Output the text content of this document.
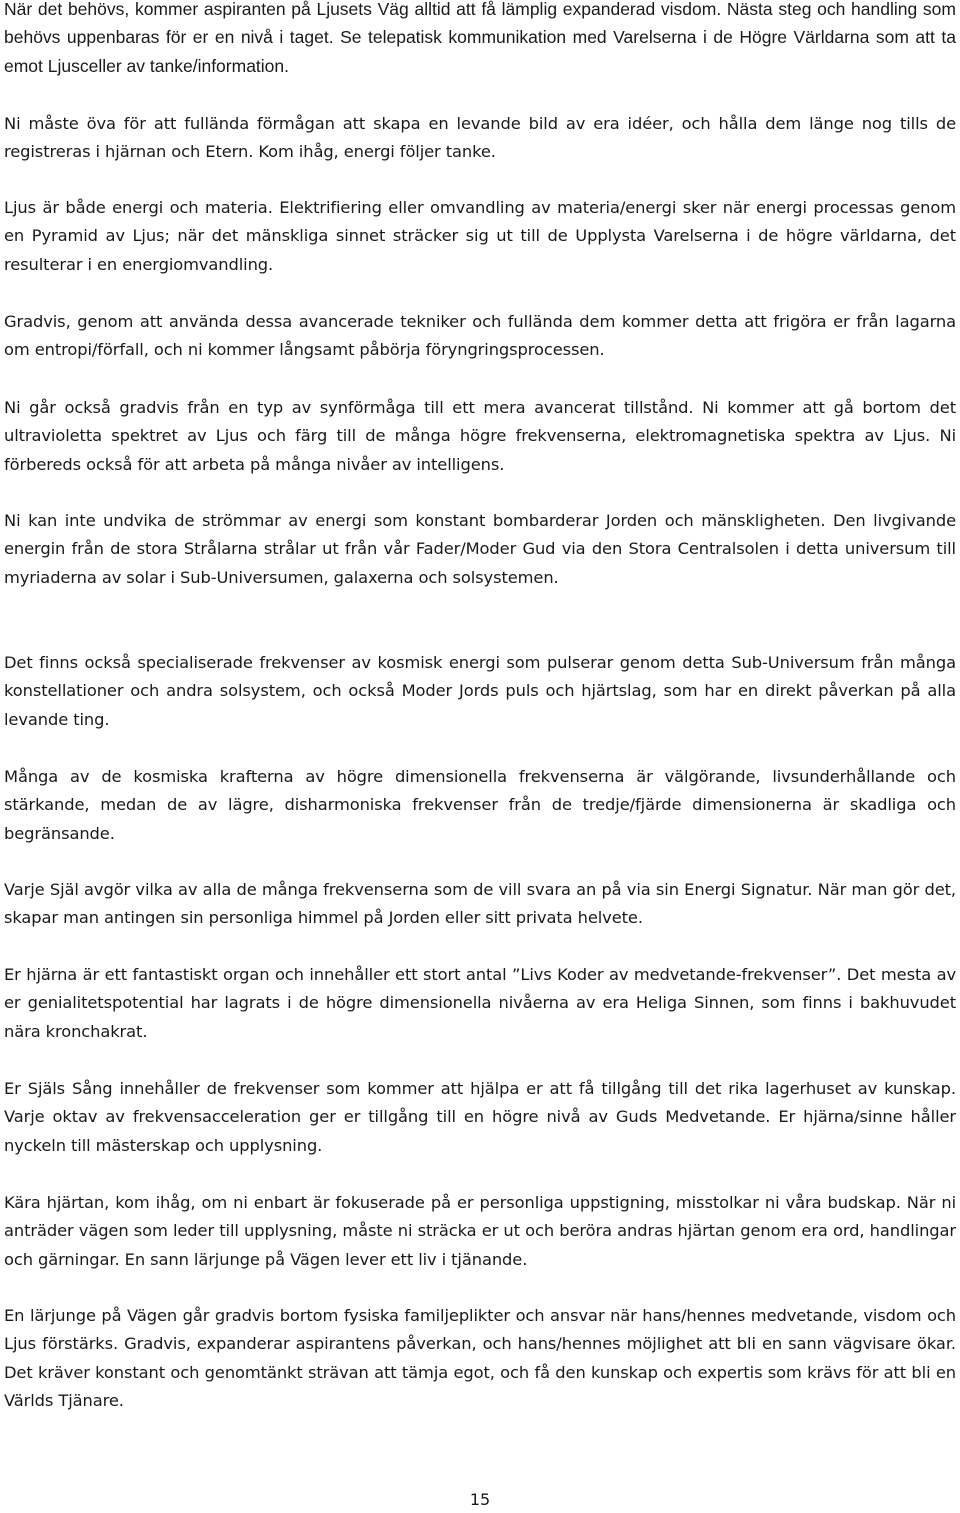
När det behövs, kommer aspiranten på Ljusets Väg alltid att få lämplig expanderad visdom. Nästa steg och handling som behövs uppenbaras för er en nivå i taget. Se telepatisk kommunikation med Varelserna i de Högre Världarna som att ta emot Ljusceller av tanke/information.

Ni måste öva för att fulländа förmågan att skapa en levande bild av era idéer, och hålla dem länge nog tills de registreras i hjärnan och Etern. Kom ihåg, energi följer tanke.

Ljus är både energi och materia. Elektrifiering eller omvandling av materia/energi sker när energi processas genom en Pyramid av Ljus; när det mänskliga sinnet sträcker sig ut till de Upplysta Varelserna i de högre världarna, det resulterar i en energiomvandling.

Gradvis, genom att använda dessa avancerade tekniker och fulländа dem kommer detta att frigöra er från lagarna om entropi/förfall, och ni kommer långsamt påbörja föryngringsprocessen.

Ni går också gradvis från en typ av synförmåga till ett mera avancerat tillstånd. Ni kommer att gå bortom det ultravioletta spektret av Ljus och färg till de många högre frekvenserna, elektromagnetiska spektra av Ljus. Ni förbereds också för att arbeta på många nivåer av intelligens.

Ni kan inte undvika de strömmar av energi som konstant bombarderar Jorden och mänskligheten. Den livgivande energin från de stora Strålarna strålar ut från vår Fader/Moder Gud via den Stora Centralsolen i detta universum till myriaderna av solar i Sub-Universumen, galaxerna och solsystemen.

Det finns också specialiserade frekvenser av kosmisk energi som pulserar genom detta Sub-Universum från många konstellationer och andra solsystem, och också Moder Jords puls och hjärtslag, som har en direkt påverkan på alla levande ting.

Många av de kosmiska krafterna av högre dimensionella frekvenserna är välgörande, livsunderhållande och stärkande, medan de av lägre, disharmoniska frekvenser från de tredje/fjärde dimensionerna är skadliga och begränsande.

Varje Själ avgör vilka av alla de många frekvenserna som de vill svara an på via sin Energi Signatur. När man gör det, skapar man antingen sin personliga himmel på Jorden eller sitt privata helvete.

Er hjärna är ett fantastiskt organ och innehåller ett stort antal ”Livs Koder av medvetande-frekvenser”. Det mesta av er genialitetspotential har lagrats i de högre dimensionella nivåerna av era Heliga Sinnen, som finns i bakhuvudet nära kronchakrat.

Er Själs Sång innehåller de frekvenser som kommer att hjälpa er att få tillgång till det rika lagerhuset av kunskap. Varje oktav av frekvensacceleration ger er tillgång till en högre nivå av Guds Medvetande. Er hjärna/sinne håller nyckeln till mästerskap och upplysning.

Kära hjärtan, kom ihåg, om ni enbart är fokuserade på er personliga uppstigning, misstolkar ni våra budskap. När ni anträder vägen som leder till upplysning, måste ni sträcka er ut och beröra andras hjärtan genom era ord, handlingar och gärningar. En sann lärjunge på Vägen lever ett liv i tjänande.

En lärjunge på Vägen går gradvis bortom fysiska familjeplikter och ansvar när hans/hennes medvetande, visdom och Ljus förstärks. Gradvis, expanderar aspirantens påverkan, och hans/hennes möjlighet att bli en sann vägvisare ökar. Det kräver konstant och genomtänkt strävan att tämja egot, och få den kunskap och expertis som krävs för att bli en Världs Tjänare.

15
